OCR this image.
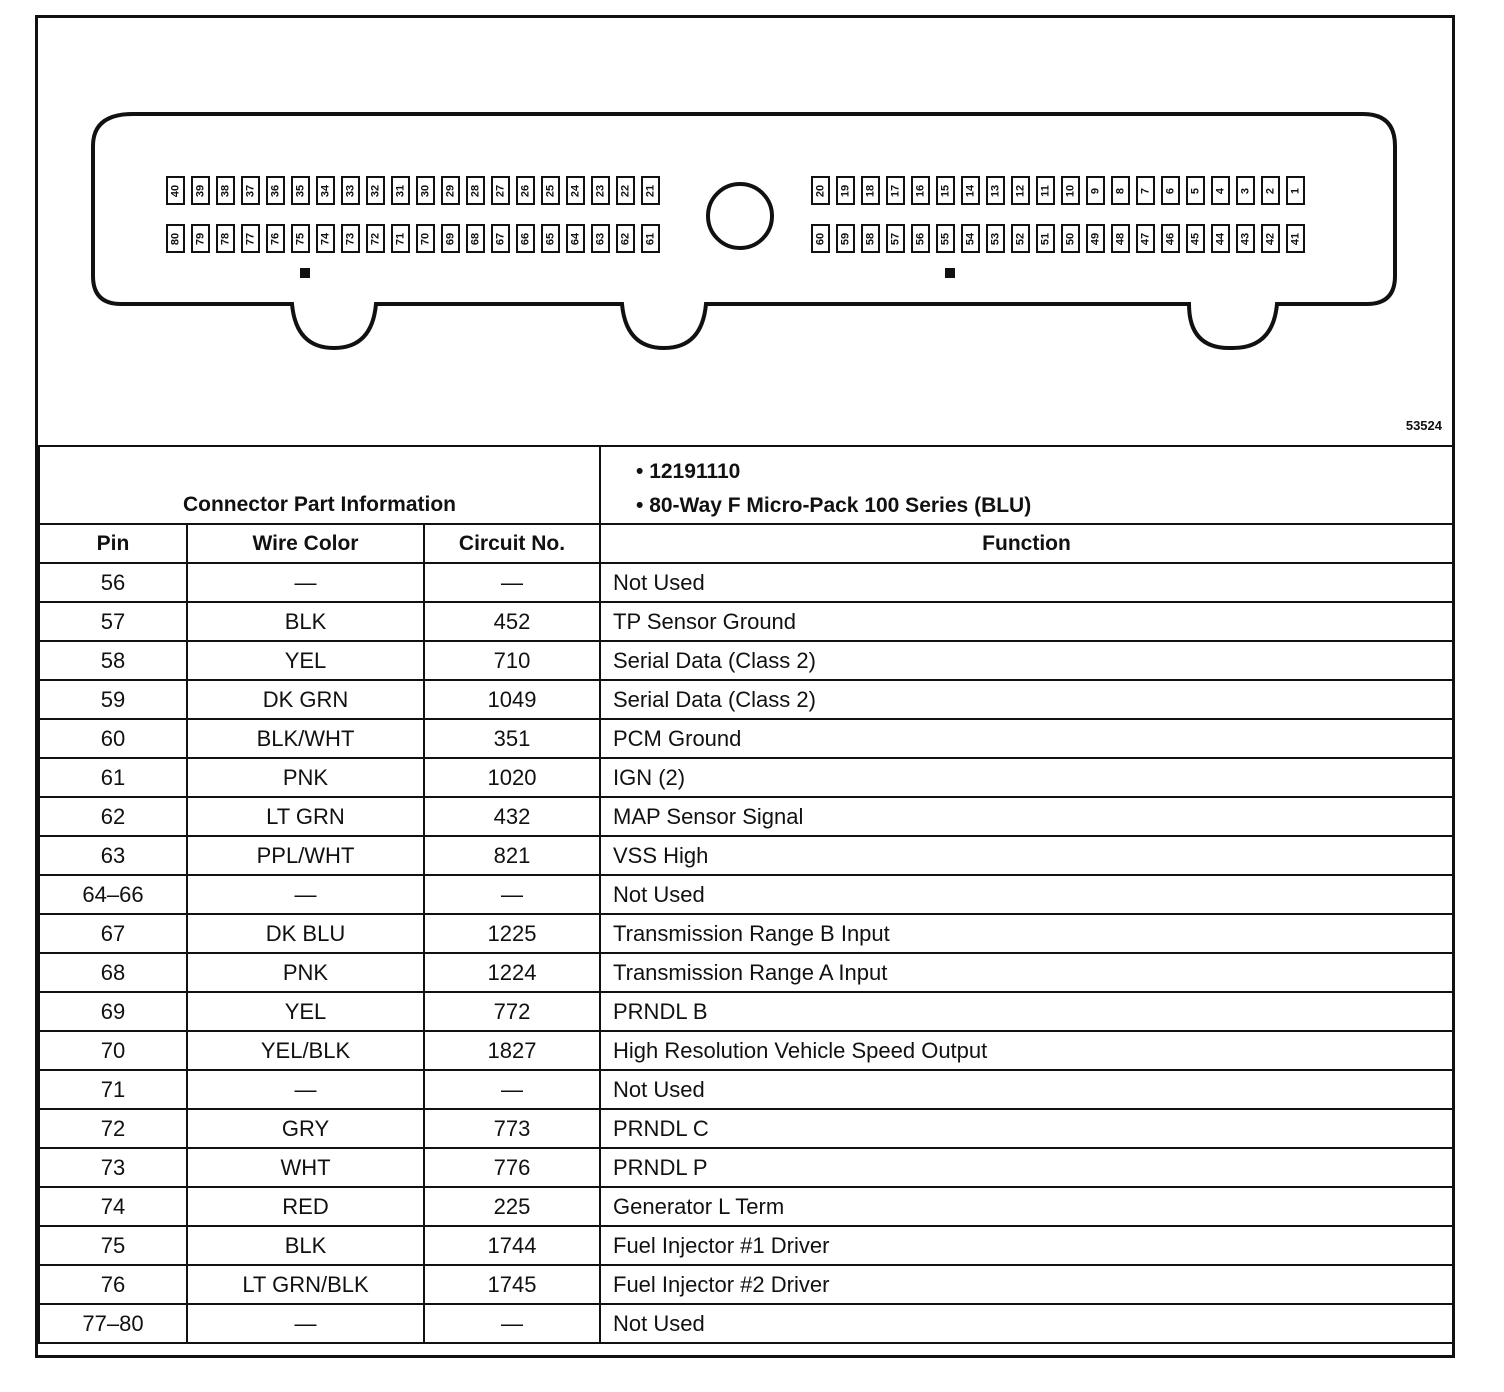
40 39 38 37 36 35 34 33 32 31 30 29 28 27 26 25 24 23 22 21
80 79 78 77 76 75 74 73 72 71 70 69 68 67 66 65 64 63 62 61
20 19 18 17 16 15 14 13 12 11 10 9 8 7 6 5 4 3 2 1
60 59 58 57 56 55 54 53 52 51 50 49 48 47 46 45 44 43 42 41
53524
Connector Part Information			• 12191110
• 80-Way F Micro-Pack 100 Series (BLU)

Pin	Wire Color	Circuit No.	Function
56	—	—	Not Used
57	BLK	452	TP Sensor Ground
58	YEL	710	Serial Data (Class 2)
59	DK GRN	1049	Serial Data (Class 2)
60	BLK/WHT	351	PCM Ground
61	PNK	1020	IGN (2)
62	LT GRN	432	MAP Sensor Signal
63	PPL/WHT	821	VSS High
64–66	—	—	Not Used
67	DK BLU	1225	Transmission Range B Input
68	PNK	1224	Transmission Range A Input
69	YEL	772	PRNDL B
70	YEL/BLK	1827	High Resolution Vehicle Speed Output
71	—	—	Not Used
72	GRY	773	PRNDL C
73	WHT	776	PRNDL P
74	RED	225	Generator L Term
75	BLK	1744	Fuel Injector #1 Driver
76	LT GRN/BLK	1745	Fuel Injector #2 Driver
77–80	—	—	Not Used
